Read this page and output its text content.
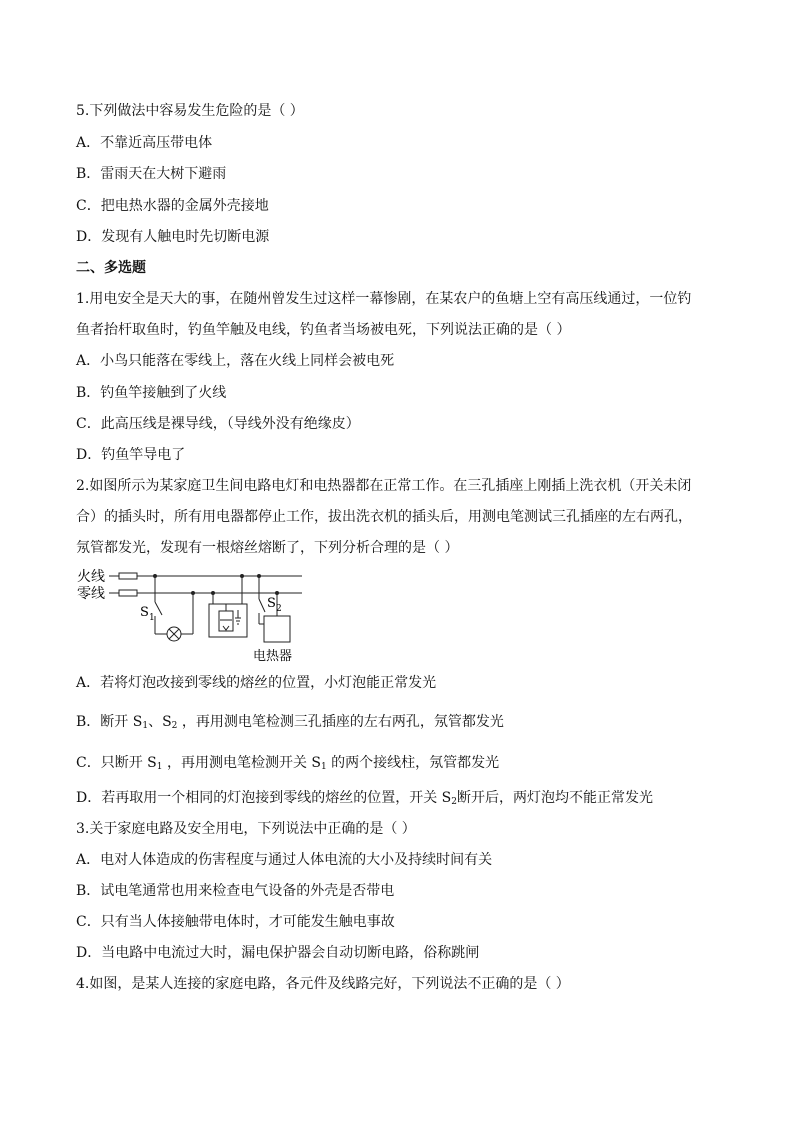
5.下列做法中容易发生危险的是（ ）
A．不靠近高压带电体
B．雷雨天在大树下避雨
C．把电热水器的金属外壳接地
D．发现有人触电时先切断电源
二、多选题
1.用电安全是天大的事，在随州曾发生过这样一幕惨剧，在某农户的鱼塘上空有高压线通过，一位钓
鱼者抬杆取鱼时，钓鱼竿触及电线，钓鱼者当场被电死，下列说法正确的是（ ）
A．小鸟只能落在零线上，落在火线上同样会被电死
B．钓鱼竿接触到了火线
C．此高压线是裸导线，（导线外没有绝缘皮）
D．钓鱼竿导电了
2.如图所示为某家庭卫生间电路电灯和电热器都在正常工作。在三孔插座上刚插上洗衣机（开关未闭
合）的插头时，所有用电器都停止工作，拔出洗衣机的插头后，用测电笔测试三孔插座的左右两孔，
氖管都发光，发现有一根熔丝熔断了，下列分析合理的是（ ）
火线
零线
S 1
S 2
电热器
A．若将灯泡改接到零线的熔丝的位置，小灯泡能正常发光
B．断开 $S_1$、$S_2$ ，再用测电笔检测三孔插座的左右两孔，氖管都发光
C．只断开 $S_1$ ，再用测电笔检测开关 $S_1$ 的两个接线柱，氖管都发光
D．若再取用一个相同的灯泡接到零线的熔丝的位置，开关 $S_2$断开后，两灯泡均不能正常发光
3.关于家庭电路及安全用电，下列说法中正确的是（ ）
A．电对人体造成的伤害程度与通过人体电流的大小及持续时间有关
B．试电笔通常也用来检查电气设备的外壳是否带电
C．只有当人体接触带电体时，才可能发生触电事故
D．当电路中电流过大时，漏电保护器会自动切断电路，俗称跳闸
4.如图，是某人连接的家庭电路，各元件及线路完好，下列说法不正确的是（ ）
